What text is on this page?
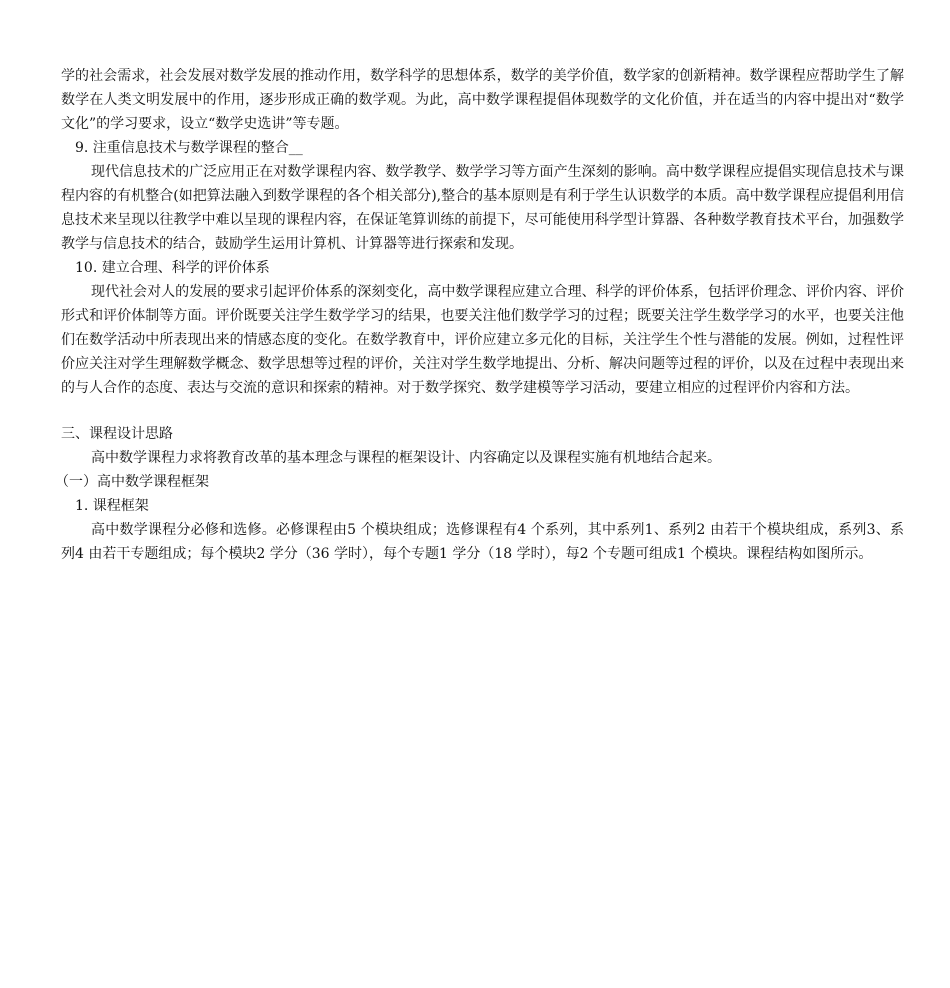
学的社会需求，社会发展对数学发展的推动作用，数学科学的思想体系，数学的美学价值，数学家的创新精神。数学课程应帮助学生了解数学在人类文明发展中的作用，逐步形成正确的数学观。为此，高中数学课程提倡体现数学的文化价值，并在适当的内容中提出对“数学文化”的学习要求，设立“数学史选讲”等专题。

9. 注重信息技术与数学课程的整合__

现代信息技术的广泛应用正在对数学课程内容、数学教学、数学学习等方面产生深刻的影响。高中数学课程应提倡实现信息技术与课程内容的有机整合(如把算法融入到数学课程的各个相关部分),整合的基本原则是有利于学生认识数学的本质。高中数学课程应提倡利用信息技术来呈现以往教学中难以呈现的课程内容，在保证笔算训练的前提下，尽可能使用科学型计算器、各种数学教育技术平台，加强数学教学与信息技术的结合，鼓励学生运用计算机、计算器等进行探索和发现。

10. 建立合理、科学的评价体系

现代社会对人的发展的要求引起评价体系的深刻变化，高中数学课程应建立合理、科学的评价体系，包括评价理念、评价内容、评价形式和评价体制等方面。评价既要关注学生数学学习的结果，也要关注他们数学学习的过程；既要关注学生数学学习的水平，也要关注他们在数学活动中所表现出来的情感态度的变化。在数学教育中，评价应建立多元化的目标，关注学生个性与潜能的发展。例如，过程性评价应关注对学生理解数学概念、数学思想等过程的评价，关注对学生数学地提出、分析、解决问题等过程的评价，以及在过程中表现出来的与人合作的态度、表达与交流的意识和探索的精神。对于数学探究、数学建模等学习活动，要建立相应的过程评价内容和方法。

三、课程设计思路

高中数学课程力求将教育改革的基本理念与课程的框架设计、内容确定以及课程实施有机地结合起来。

（一）高中数学课程框架

1. 课程框架

高中数学课程分必修和选修。必修课程由5 个模块组成；选修课程有4 个系列，其中系列1、系列2 由若干个模块组成，系列3、系列4 由若干专题组成；每个模块2 学分（36 学时），每个专题1 学分（18 学时），每2 个专题可组成1 个模块。课程结构如图所示。
